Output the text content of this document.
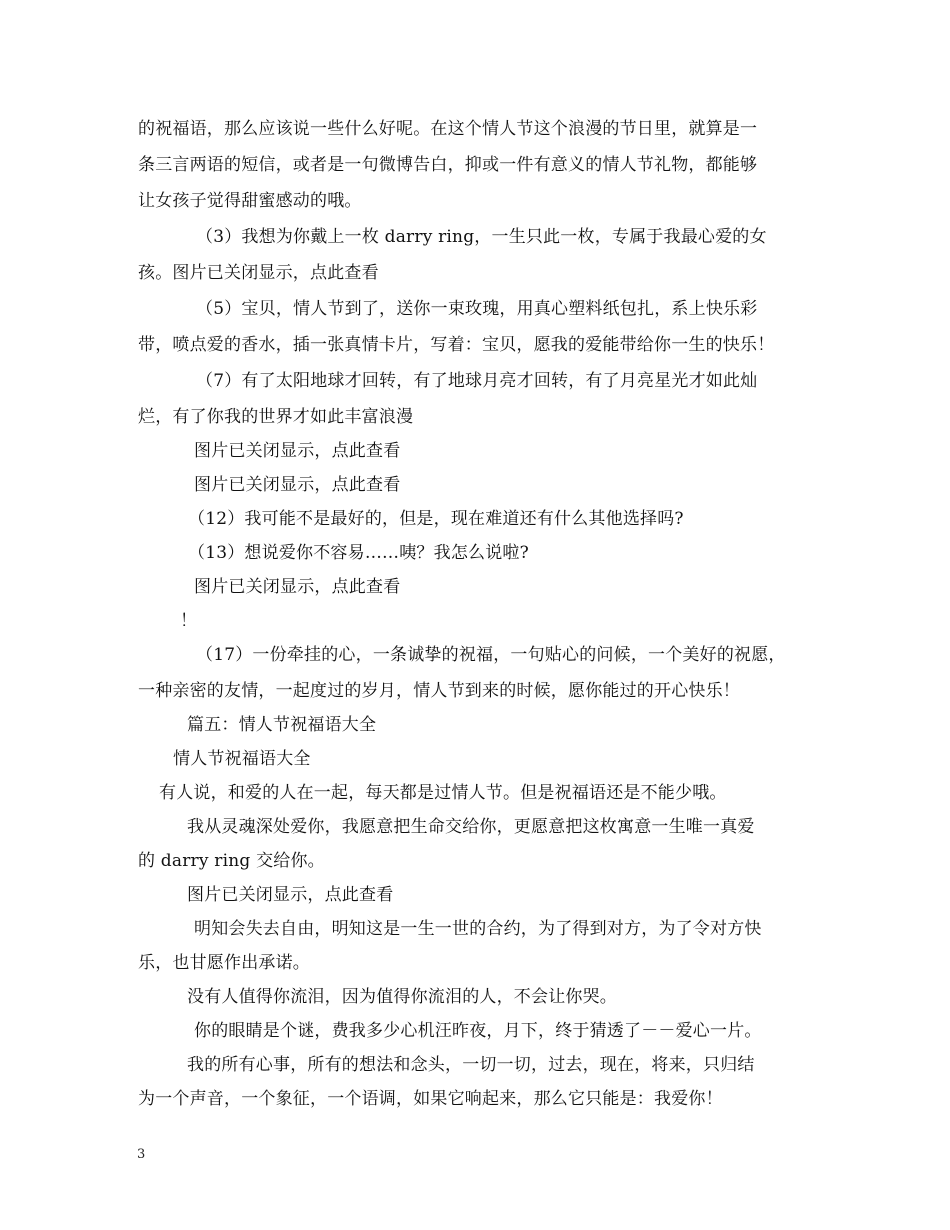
的祝福语，那么应该说一些什么好呢。在这个情人节这个浪漫的节日里，就算是一
条三言两语的短信，或者是一句微博告白，抑或一件有意义的情人节礼物，都能够
让女孩子觉得甜蜜感动的哦。
（3）我想为你戴上一枚 darry ring，一生只此一枚，专属于我最心爱的女
孩。图片已关闭显示，点此查看
（5）宝贝，情人节到了，送你一束玫瑰，用真心塑料纸包扎，系上快乐彩
带，喷点爱的香水，插一张真情卡片，写着：宝贝，愿我的爱能带给你一生的快乐！
（7）有了太阳地球才回转，有了地球月亮才回转，有了月亮星光才如此灿
烂，有了你我的世界才如此丰富浪漫
图片已关闭显示，点此查看
图片已关闭显示，点此查看
（12）我可能不是最好的，但是，现在难道还有什么其他选择吗?
（13）想说爱你不容易……咦？我怎么说啦?
图片已关闭显示，点此查看
！
（17）一份牵挂的心，一条诚挚的祝福，一句贴心的问候，一个美好的祝愿，
一种亲密的友情，一起度过的岁月，情人节到来的时候，愿你能过的开心快乐！
篇五：情人节祝福语大全
情人节祝福语大全
有人说，和爱的人在一起，每天都是过情人节。但是祝福语还是不能少哦。
我从灵魂深处爱你，我愿意把生命交给你，更愿意把这枚寓意一生唯一真爱
的 darry ring 交给你。
图片已关闭显示，点此查看
明知会失去自由，明知这是一生一世的合约，为了得到对方，为了令对方快
乐，也甘愿作出承诺。
没有人值得你流泪，因为值得你流泪的人，不会让你哭。
你的眼睛是个谜，费我多少心机汪昨夜，月下，终于猜透了－－爱心一片。
我的所有心事，所有的想法和念头，一切一切，过去，现在，将来，只归结
为一个声音，一个象征，一个语调，如果它响起来，那么它只能是：我爱你！
3
